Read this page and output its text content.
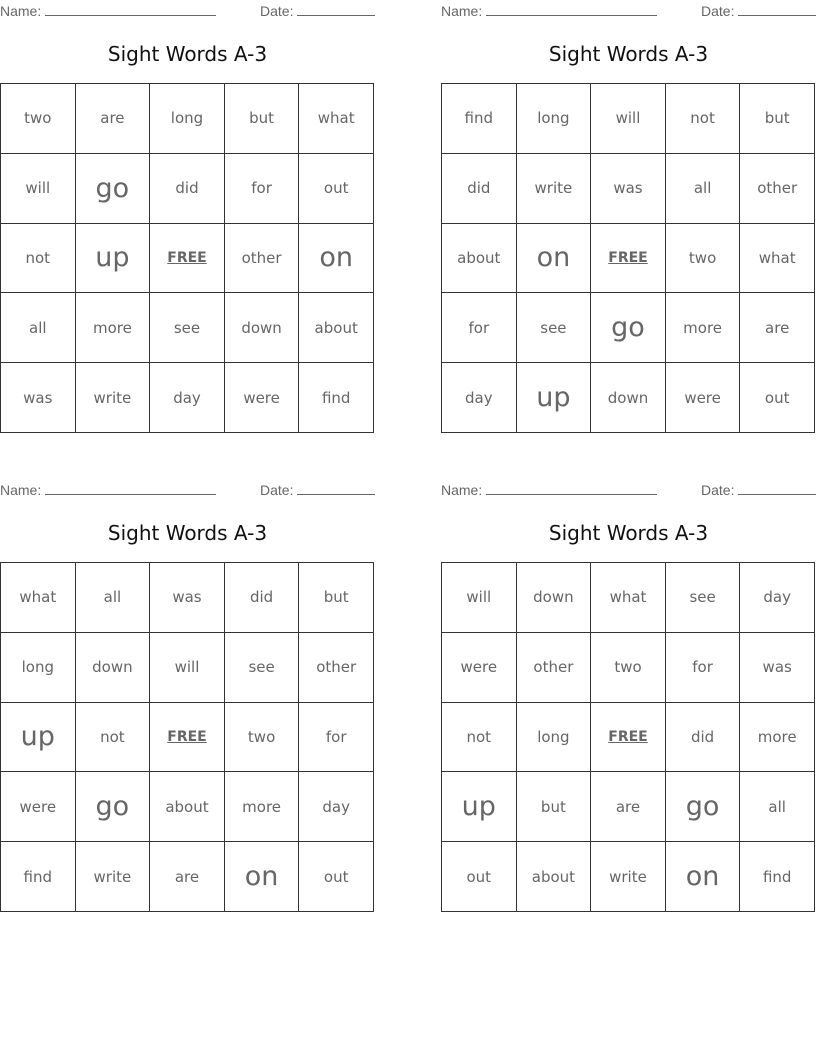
Name:	Date:
Sight Words A-3
two	are	long	but	what
will	go	did	for	out
not	up	FREE	other	on
all	more	see	down	about
was	write	day	were	find
Name:	Date:
Sight Words A-3
find	long	will	not	but
did	write	was	all	other
about	on	FREE	two	what
for	see	go	more	are
day	up	down	were	out
Name:	Date:
Sight Words A-3
what	all	was	did	but
long	down	will	see	other
up	not	FREE	two	for
were	go	about	more	day
find	write	are	on	out
Name:	Date:
Sight Words A-3
will	down	what	see	day
were	other	two	for	was
not	long	FREE	did	more
up	but	are	go	all
out	about	write	on	find
